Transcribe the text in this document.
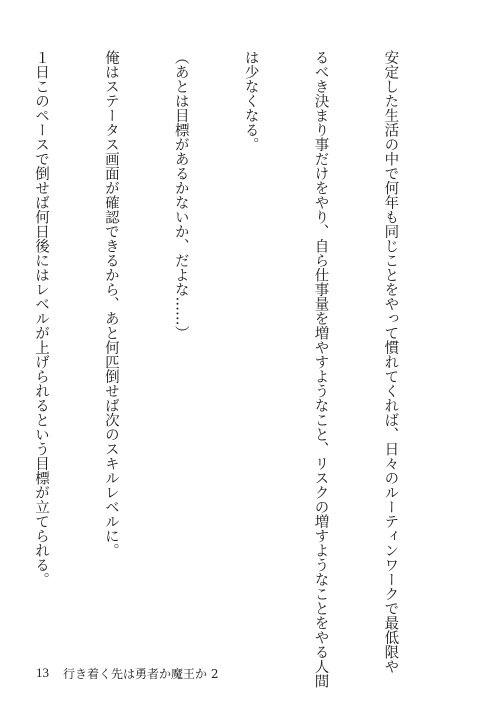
安定した生活の中で何年も同じことをやって慣れてくれば、日々のルーティンワークで最低限や

るべき決まり事だけをやり、自ら仕事量を増やすようなこと、リスクの増すようなことをやる人間

は少なくなる。

（あとは目標があるかないか、だよな……）

俺はステータス画面が確認できるから、あと何匹倒せば次のスキルレベルに。

１日このペースで倒せば何日後にはレベルが上げられるという目標が立てられる。

13 行き着く先は勇者か魔王か 2
